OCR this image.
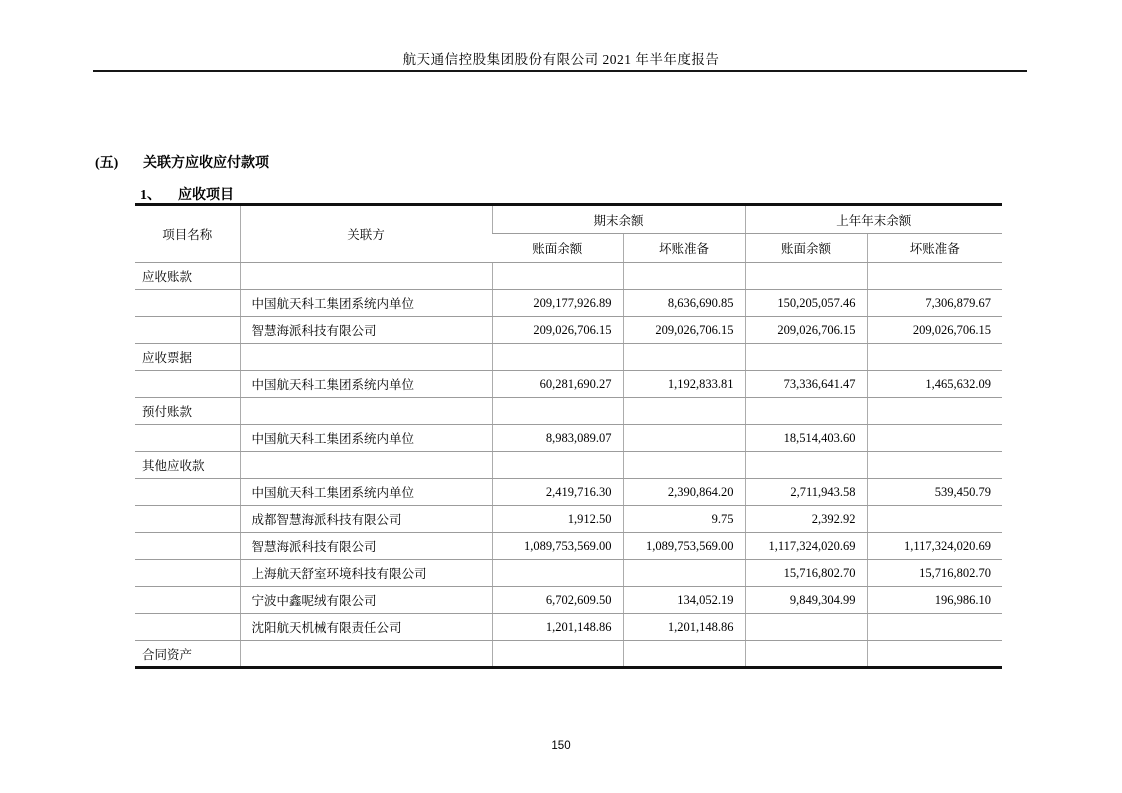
航天通信控股集团股份有限公司 2021 年半年度报告
(五) 关联方应收应付款项
1、 应收项目
项目名称	关联方	期末余额		上年年末余额	
		账面余额	坏账准备	账面余额	坏账准备
应收账款					
	中国航天科工集团系统内单位	209,177,926.89	8,636,690.85	150,205,057.46	7,306,879.67
	智慧海派科技有限公司	209,026,706.15	209,026,706.15	209,026,706.15	209,026,706.15
应收票据					
	中国航天科工集团系统内单位	60,281,690.27	1,192,833.81	73,336,641.47	1,465,632.09
预付账款					
	中国航天科工集团系统内单位	8,983,089.07		18,514,403.60	
其他应收款					
	中国航天科工集团系统内单位	2,419,716.30	2,390,864.20	2,711,943.58	539,450.79
	成都智慧海派科技有限公司	1,912.50	9.75	2,392.92	
	智慧海派科技有限公司	1,089,753,569.00	1,089,753,569.00	1,117,324,020.69	1,117,324,020.69
	上海航天舒室环境科技有限公司			15,716,802.70	15,716,802.70
	宁波中鑫呢绒有限公司	6,702,609.50	134,052.19	9,849,304.99	196,986.10
	沈阳航天机械有限责任公司	1,201,148.86	1,201,148.86		
合同资产					
150
